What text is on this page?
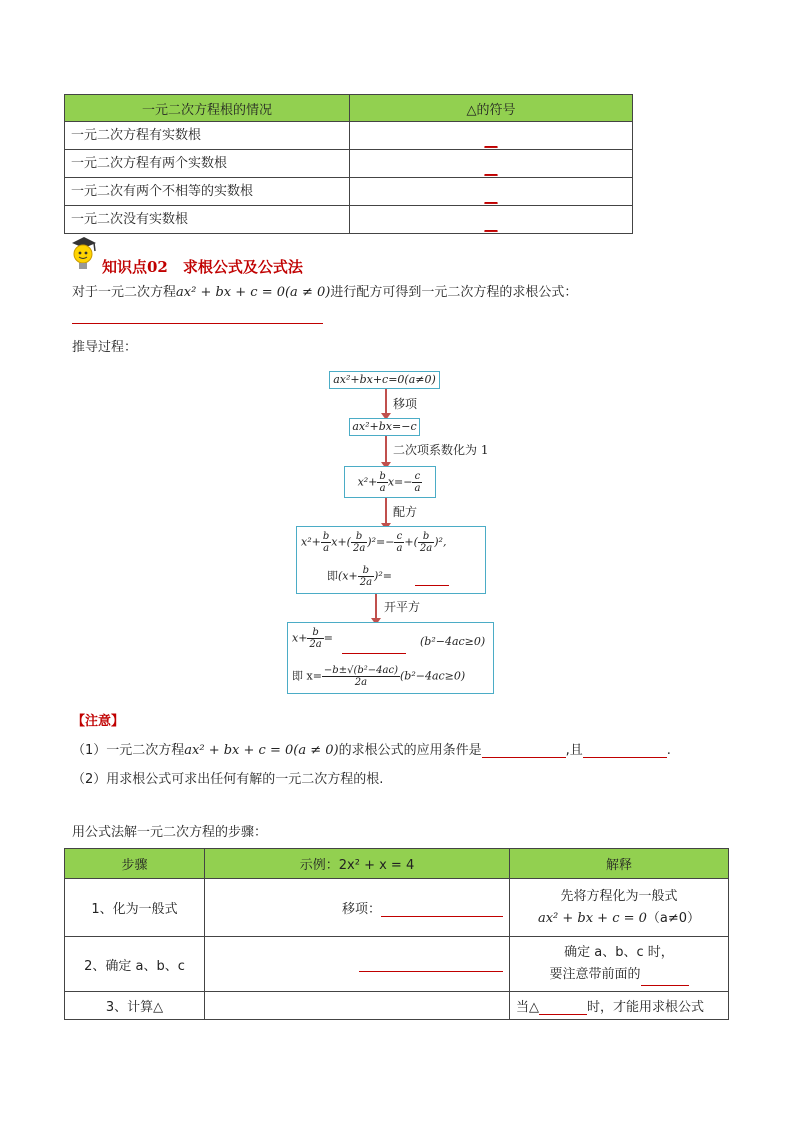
一元二次方程根的情况	△的符号
一元二次方程有实数根	__
一元二次方程有两个实数根	__
一元二次有两个不相等的实数根	__
一元二次没有实数根	__
知识点02　求根公式及公式法
对于一元二次方程ax² + bx + c = 0(a ≠ 0)进行配方可得到一元二次方程的求根公式：
推导过程：
ax²+bx+c=0(a≠0)
移项
ax²+bx=−c
二次项系数化为 1
$x^2+ \frac{b}{a} x=- \frac{c}{a}$
配方
$x^2+ \frac{b}{a} x+( \frac{b}{2a} )^2=- \frac{c}{a}$ +( $\frac{b}{2a} )^2$,
即$(x+ \frac{b}{2a} )^2=$
开平方
$x+ \frac{b}{2a}$ =	(b²−4ac≥0)
即 $x= \frac{\text{−b±√(b²−4ac)}}{2a} (b^2-4ac\ge 0)$
【注意】
（1）一元二次方程ax² + bx + c = 0(a ≠ 0)的求根公式的应用条件是	,且	.
（2）用求根公式可求出任何有解的一元二次方程的根.
用公式法解一元二次方程的步骤：
步骤	示例：2x² + x = 4	解释
1、化为一般式	移项：	先将方程化为一般式
ax² + bx + c = 0（a≠0）

2、确定 a、b、c		确定 a、b、c 时，
要注意带前面的

3、计算△		当△ 时，才能用求根公式
